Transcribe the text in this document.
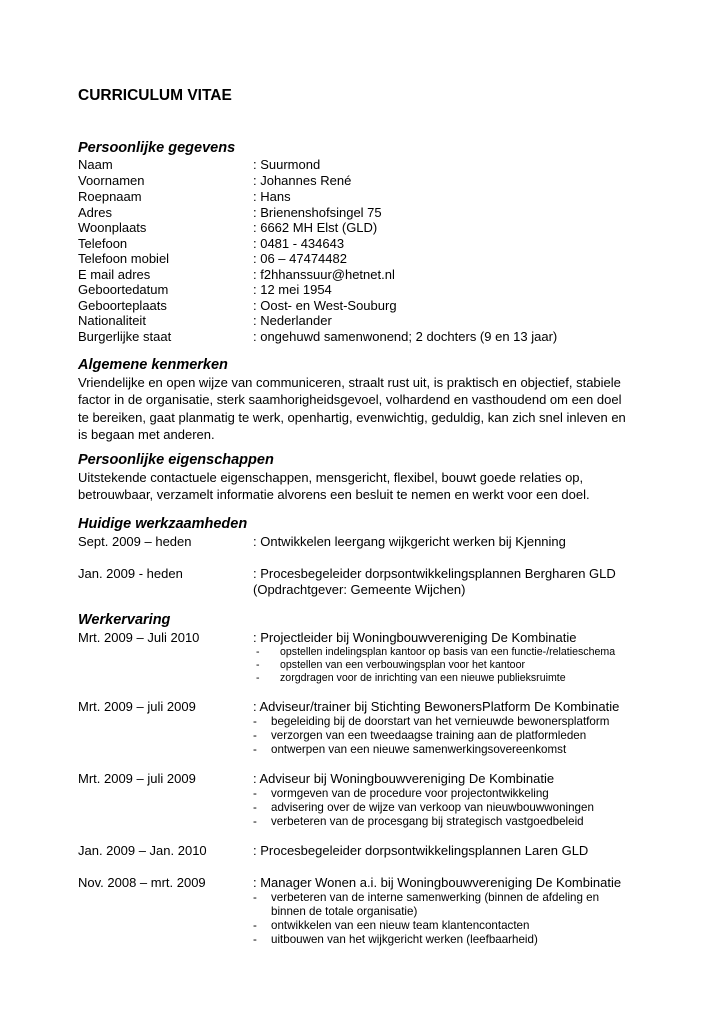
CURRICULUM VITAE
Persoonlijke gegevens
Naam	: Suurmond
Voornamen	: Johannes René
Roepnaam	: Hans
Adres	: Brienenshofsingel 75
Woonplaats	: 6662 MH Elst (GLD)
Telefoon	: 0481 - 434643
Telefoon mobiel	: 06 – 47474482
E mail adres	: f2hhanssuur@hetnet.nl
Geboortedatum	: 12 mei 1954
Geboorteplaats	: Oost- en West-Souburg
Nationaliteit	: Nederlander
Burgerlijke staat	: ongehuwd samenwonend; 2 dochters (9 en 13 jaar)
Algemene kenmerken
Vriendelijke en open wijze van communiceren, straalt rust uit, is praktisch en objectief, stabiele
factor in de organisatie, sterk saamhorigheidsgevoel, volhardend en vasthoudend om een doel
te bereiken, gaat planmatig te werk, openhartig, evenwichtig, geduldig, kan zich snel inleven en
is begaan met anderen.
Persoonlijke eigenschappen
Uitstekende contactuele eigenschappen, mensgericht, flexibel, bouwt goede relaties op,
betrouwbaar, verzamelt informatie alvorens een besluit te nemen en werkt voor een doel.
Huidige werkzaamheden
Sept. 2009 – heden	: Ontwikkelen leergang wijkgericht werken bij Kjenning
Jan. 2009 - heden	: Procesbegeleider dorpsontwikkelingsplannen Bergharen GLD
(Opdrachtgever: Gemeente Wijchen)
Werkervaring
Mrt. 2009 – Juli 2010	: Projectleider bij Woningbouwvereniging De Kombinatie
- opstellen indelingsplan kantoor op basis van een functie-/relatieschema
- opstellen van een verbouwingsplan voor het kantoor
- zorgdragen voor de inrichting van een nieuwe publieksruimte
Mrt. 2009 – juli 2009	: Adviseur/trainer bij Stichting BewonersPlatform De Kombinatie
- begeleiding bij de doorstart van het vernieuwde bewonersplatform
- verzorgen van een tweedaagse training aan de platformleden
- ontwerpen van een nieuwe samenwerkingsovereenkomst
Mrt. 2009 – juli 2009	: Adviseur bij Woningbouwvereniging De Kombinatie
- vormgeven van de procedure voor projectontwikkeling
- advisering over de wijze van verkoop van nieuwbouwwoningen
- verbeteren van de procesgang bij strategisch vastgoedbeleid
Jan. 2009 – Jan. 2010	: Procesbegeleider dorpsontwikkelingsplannen Laren GLD
Nov. 2008 – mrt. 2009	: Manager Wonen a.i. bij Woningbouwvereniging De Kombinatie
- verbeteren van de interne samenwerking (binnen de afdeling en
binnen de totale organisatie)
- ontwikkelen van een nieuw team klantencontacten
- uitbouwen van het wijkgericht werken (leefbaarheid)
